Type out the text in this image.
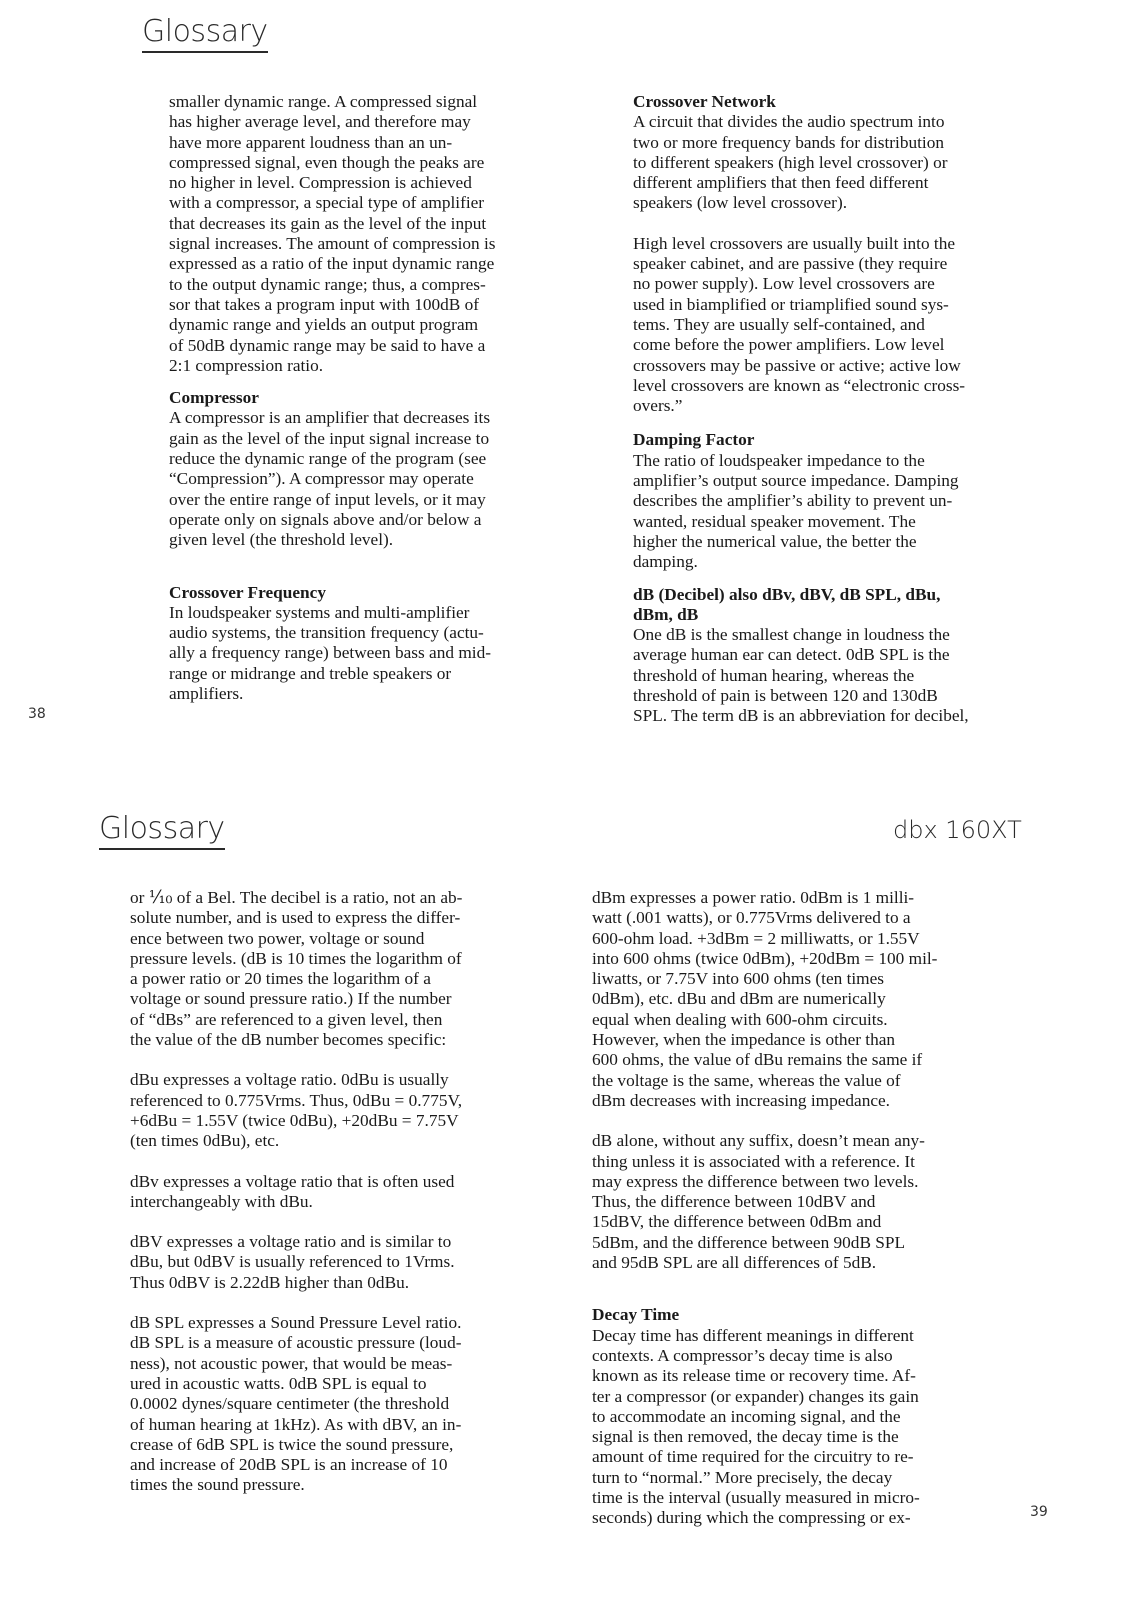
Glossary

smaller dynamic range. A compressed signal
has higher average level, and therefore may
have more apparent loudness than an un-
compressed signal, even though the peaks are
no higher in level. Compression is achieved
with a compressor, a special type of amplifier
that decreases its gain as the level of the input
signal increases. The amount of compression is
expressed as a ratio of the input dynamic range
to the output dynamic range; thus, a compres-
sor that takes a program input with 100dB of
dynamic range and yields an output program
of 50dB dynamic range may be said to have a
2:1 compression ratio.

Compressor

A compressor is an amplifier that decreases its
gain as the level of the input signal increase to
reduce the dynamic range of the program (see
“Compression”). A compressor may operate
over the entire range of input levels, or it may
operate only on signals above and/or below a
given level (the threshold level).

Crossover Frequency

In loudspeaker systems and multi-amplifier
audio systems, the transition frequency (actu-
ally a frequency range) between bass and mid-
range or midrange and treble speakers or
amplifiers.

Crossover Network

A circuit that divides the audio spectrum into
two or more frequency bands for distribution
to different speakers (high level crossover) or
different amplifiers that then feed different
speakers (low level crossover).

High level crossovers are usually built into the
speaker cabinet, and are passive (they require
no power supply). Low level crossovers are
used in biamplified or triamplified sound sys-
tems. They are usually self-contained, and
come before the power amplifiers. Low level
crossovers may be passive or active; active low
level crossovers are known as “electronic cross-
overs.”

Damping Factor

The ratio of loudspeaker impedance to the
amplifier’s output source impedance. Damping
describes the amplifier’s ability to prevent un-
wanted, residual speaker movement. The
higher the numerical value, the better the
damping.

dB (Decibel) also dBv, dBV, dB SPL, dBu,
dBm, dB

One dB is the smallest change in loudness the
average human ear can detect. 0dB SPL is the
threshold of human hearing, whereas the
threshold of pain is between 120 and 130dB
SPL. The term dB is an abbreviation for decibel,

38
Glossary	dbx 160XT

or ⅒ of a Bel. The decibel is a ratio, not an ab-
solute number, and is used to express the differ-
ence between two power, voltage or sound
pressure levels. (dB is 10 times the logarithm of
a power ratio or 20 times the logarithm of a
voltage or sound pressure ratio.) If the number
of “dBs” are referenced to a given level, then
the value of the dB number becomes specific:

dBu expresses a voltage ratio. 0dBu is usually
referenced to 0.775Vrms. Thus, 0dBu = 0.775V,
+6dBu = 1.55V (twice 0dBu), +20dBu = 7.75V
(ten times 0dBu), etc.

dBv expresses a voltage ratio that is often used
interchangeably with dBu.

dBV expresses a voltage ratio and is similar to
dBu, but 0dBV is usually referenced to 1Vrms.
Thus 0dBV is 2.22dB higher than 0dBu.

dB SPL expresses a Sound Pressure Level ratio.
dB SPL is a measure of acoustic pressure (loud-
ness), not acoustic power, that would be meas-
ured in acoustic watts. 0dB SPL is equal to
0.0002 dynes/square centimeter (the threshold
of human hearing at 1kHz). As with dBV, an in-
crease of 6dB SPL is twice the sound pressure,
and increase of 20dB SPL is an increase of 10
times the sound pressure.

dBm expresses a power ratio. 0dBm is 1 milli-
watt (.001 watts), or 0.775Vrms delivered to a
600-ohm load. +3dBm = 2 milliwatts, or 1.55V
into 600 ohms (twice 0dBm), +20dBm = 100 mil-
liwatts, or 7.75V into 600 ohms (ten times
0dBm), etc. dBu and dBm are numerically
equal when dealing with 600-ohm circuits.
However, when the impedance is other than
600 ohms, the value of dBu remains the same if
the voltage is the same, whereas the value of
dBm decreases with increasing impedance.

dB alone, without any suffix, doesn’t mean any-
thing unless it is associated with a reference. It
may express the difference between two levels.
Thus, the difference between 10dBV and
15dBV, the difference between 0dBm and
5dBm, and the difference between 90dB SPL
and 95dB SPL are all differences of 5dB.

Decay Time

Decay time has different meanings in different
contexts. A compressor’s decay time is also
known as its release time or recovery time. Af-
ter a compressor (or expander) changes its gain
to accommodate an incoming signal, and the
signal is then removed, the decay time is the
amount of time required for the circuitry to re-
turn to “normal.” More precisely, the decay
time is the interval (usually measured in micro-
seconds) during which the compressing or ex-	39
